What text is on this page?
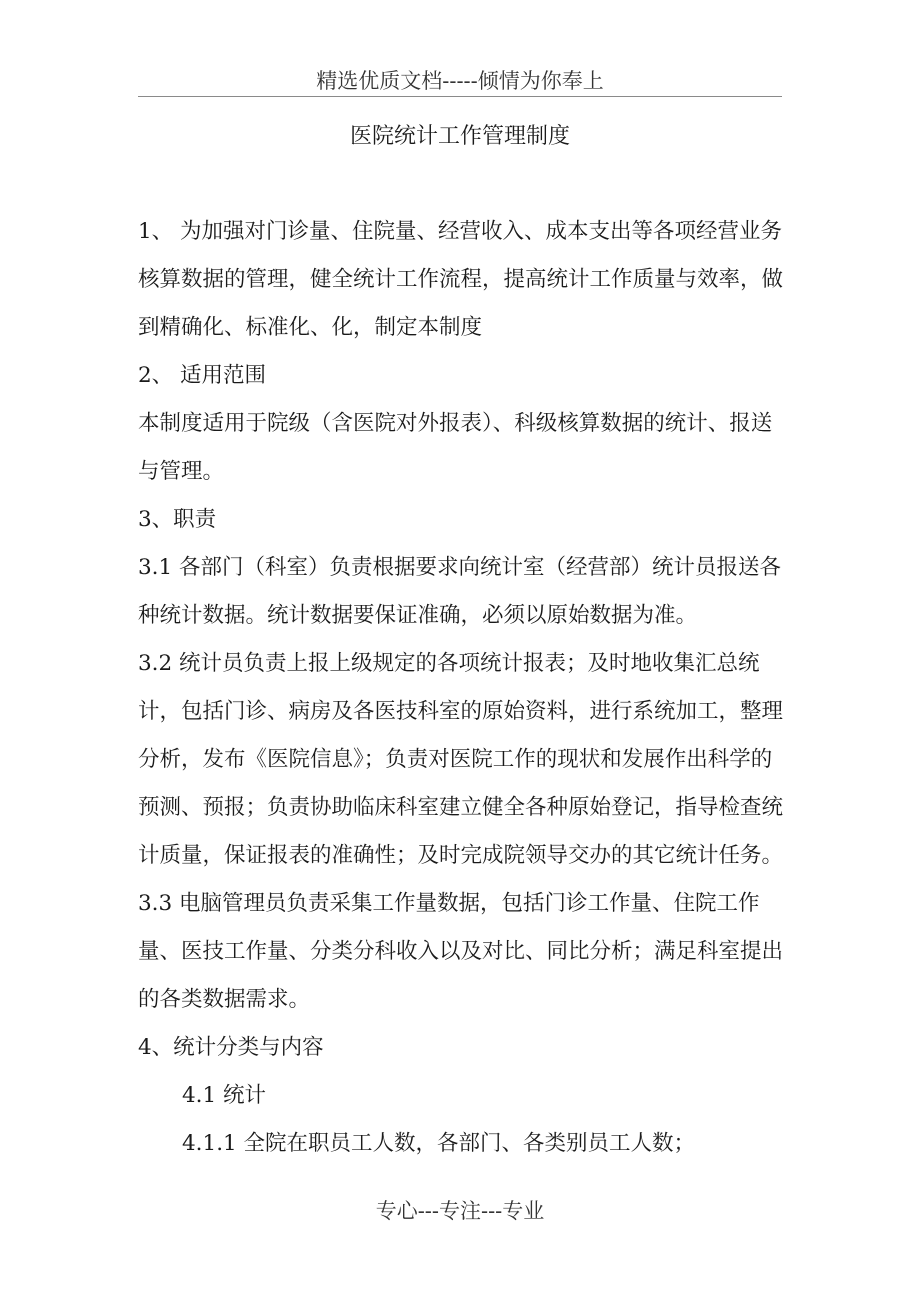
精选优质文档-----倾情为你奉上
医院统计工作管理制度

1、 为加强对门诊量、住院量、经营收入、成本支出等各项经营业务核算数据的管理，健全统计工作流程，提高统计工作质量与效率，做到精确化、标准化、化，制定本制度

2、 适用范围

本制度适用于院级（含医院对外报表）、科级核算数据的统计、报送与管理。

3、职责

3.1 各部门（科室）负责根据要求向统计室（经营部）统计员报送各种统计数据。统计数据要保证准确，必须以原始数据为准。

3.2 统计员负责上报上级规定的各项统计报表；及时地收集汇总统计，包括门诊、病房及各医技科室的原始资料，进行系统加工，整理分析，发布《医院信息》；负责对医院工作的现状和发展作出科学的预测、预报；负责协助临床科室建立健全各种原始登记，指导检查统计质量，保证报表的准确性；及时完成院领导交办的其它统计任务。

3.3 电脑管理员负责采集工作量数据，包括门诊工作量、住院工作量、医技工作量、分类分科收入以及对比、同比分析；满足科室提出的各类数据需求。

4、统计分类与内容

4.1 统计

4.1.1 全院在职员工人数，各部门、各类别员工人数；

专心---专注---专业
